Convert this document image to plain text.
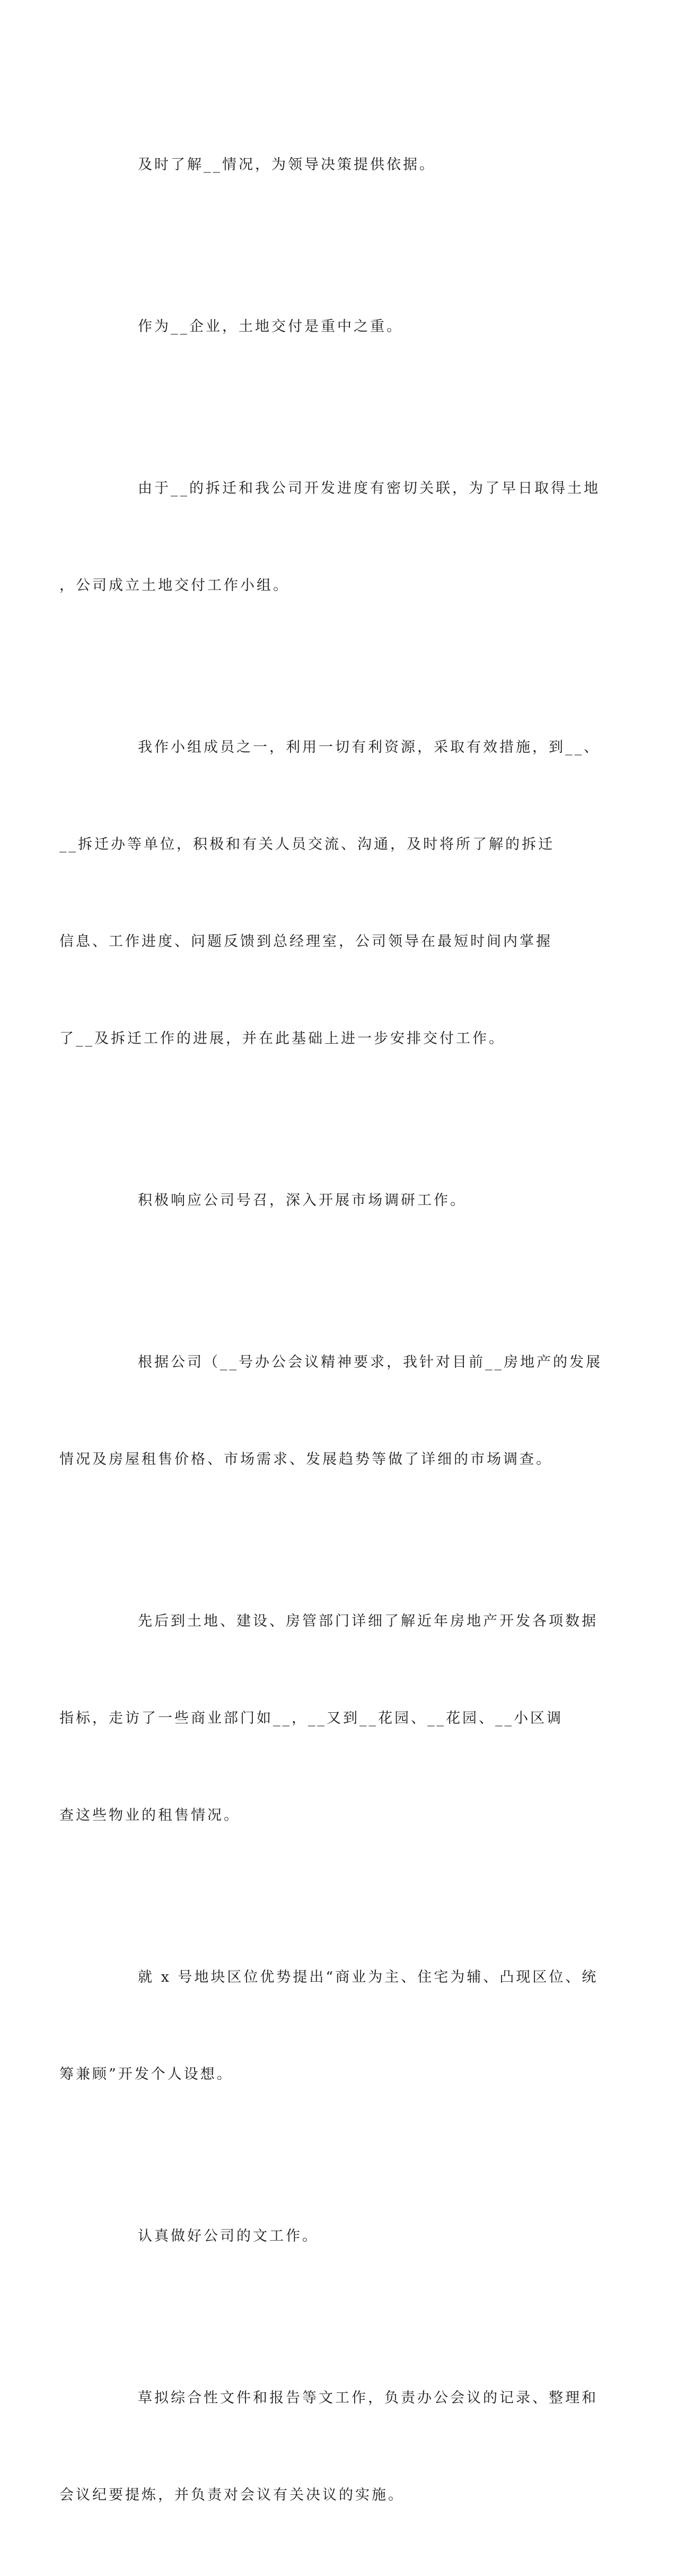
及时了解__情况，为领导决策提供依据。

作为__企业，土地交付是重中之重。

由于__的拆迁和我公司开发进度有密切关联，为了早日取得土地

，公司成立土地交付工作小组。

我作小组成员之一，利用一切有利资源，采取有效措施，到__、

__拆迁办等单位，积极和有关人员交流、沟通，及时将所了解的拆迁

信息、工作进度、问题反馈到总经理室，公司领导在最短时间内掌握

了__及拆迁工作的进展，并在此基础上进一步安排交付工作。

积极响应公司号召，深入开展市场调研工作。

根据公司（__号办公会议精神要求，我针对目前__房地产的发展

情况及房屋租售价格、市场需求、发展趋势等做了详细的市场调查。

先后到土地、建设、房管部门详细了解近年房地产开发各项数据

指标，走访了一些商业部门如__，__又到__花园、__花园、__小区调

查这些物业的租售情况。

就 x 号地块区位优势提出“商业为主、住宅为辅、凸现区位、统

筹兼顾”开发个人设想。

认真做好公司的文工作。

草拟综合性文件和报告等文工作，负责办公会议的记录、整理和

会议纪要提炼，并负责对会议有关决议的实施。
